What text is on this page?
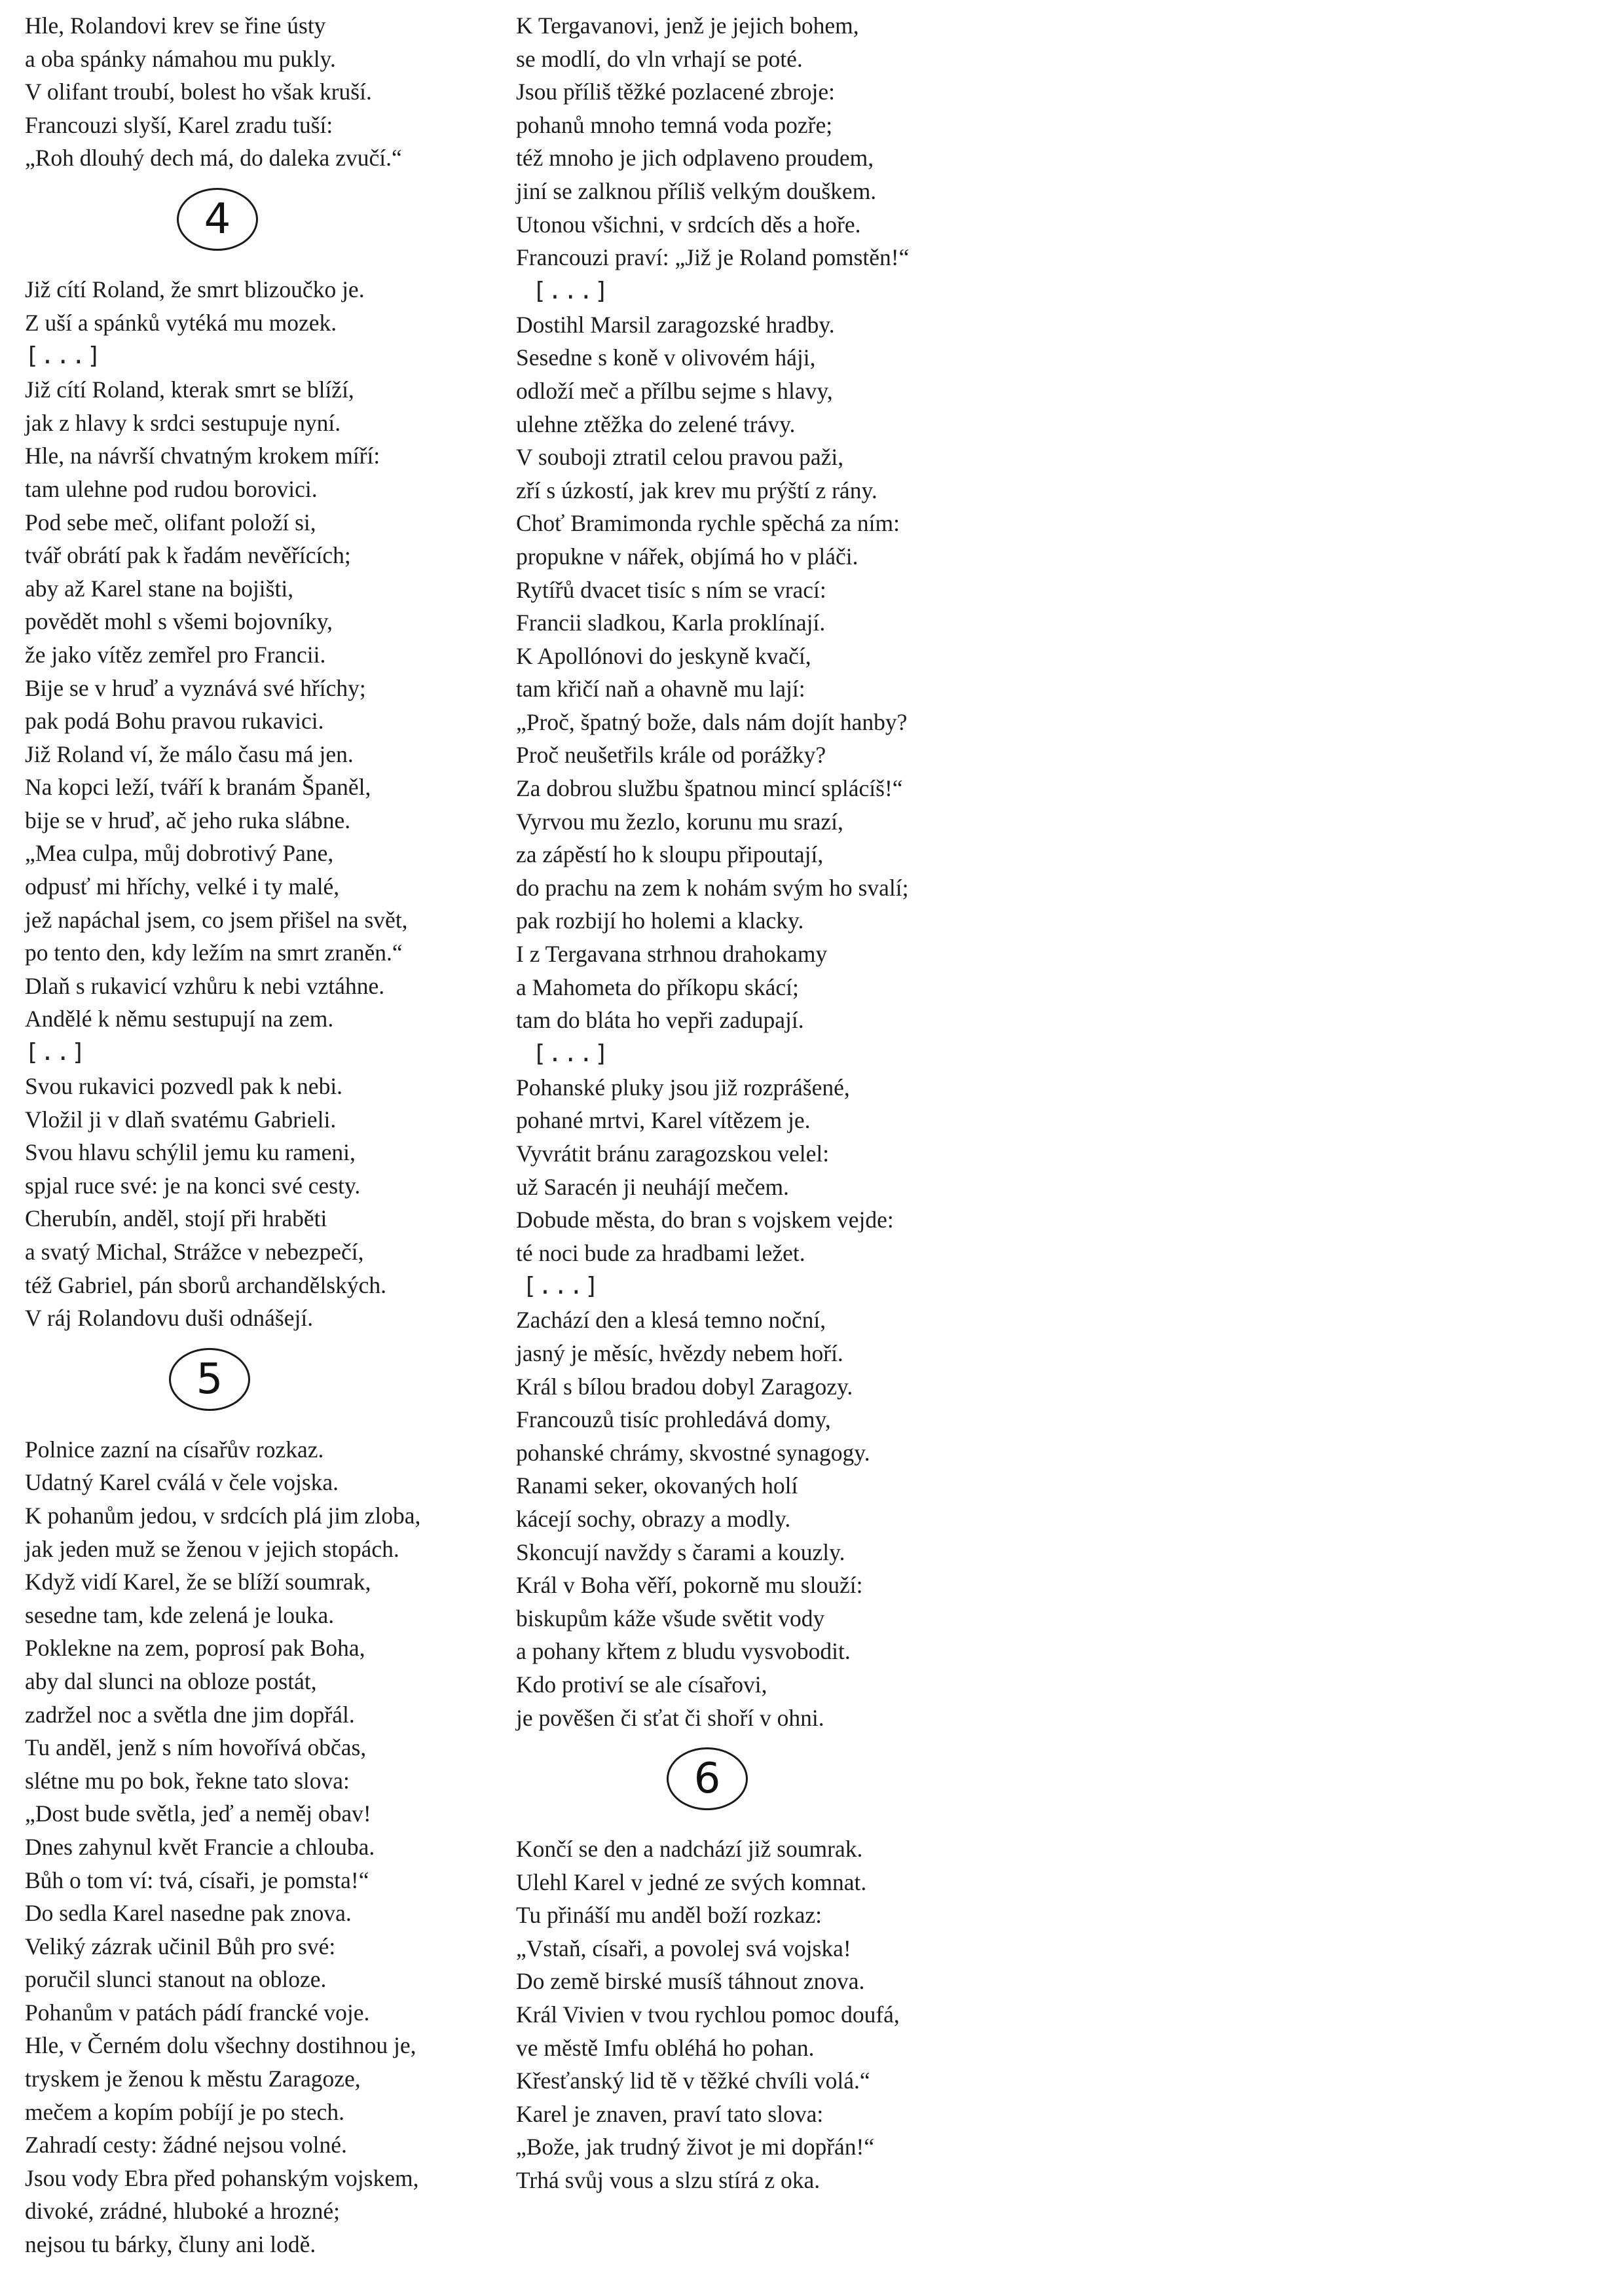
Hle, Rolandovi krev se řine ústy
a oba spánky námahou mu pukly.
V olifant troubí, bolest ho však kruší.
Francouzi slyší, Karel zradu tuší:
„Roh dlouhý dech má, do daleka zvučí.“
4
Již cítí Roland, že smrt blizoučko je.
Z uší a spánků vytéká mu mozek.
[...]
Již cítí Roland, kterak smrt se blíží,
jak z hlavy k srdci sestupuje nyní.
Hle, na návrší chvatným krokem míří:
tam ulehne pod rudou borovici.
Pod sebe meč, olifant položí si,
tvář obrátí pak k řadám nevěřících;
aby až Karel stane na bojišti,
povědět mohl s všemi bojovníky,
že jako vítěz zemřel pro Francii.
Bije se v hruď a vyznává své hříchy;
pak podá Bohu pravou rukavici.
Již Roland ví, že málo času má jen.
Na kopci leží, tváří k branám Španěl,
bije se v hruď, ač jeho ruka slábne.
„Mea culpa, můj dobrotivý Pane,
odpusť mi hříchy, velké i ty malé,
jež napáchal jsem, co jsem přišel na svět,
po tento den, kdy ležím na smrt zraněn.“
Dlaň s rukavicí vzhůru k nebi vztáhne.
Andělé k němu sestupují na zem.
[..]
Svou rukavici pozvedl pak k nebi.
Vložil ji v dlaň svatému Gabrieli.
Svou hlavu schýlil jemu ku rameni,
spjal ruce své: je na konci své cesty.
Cherubín, anděl, stojí při hraběti
a svatý Michal, Strážce v nebezpečí,
též Gabriel, pán sborů archandělských.
V ráj Rolandovu duši odnášejí.
5
Polnice zazní na císařův rozkaz.
Udatný Karel cválá v čele vojska.
K pohanům jedou, v srdcích plá jim zloba,
jak jeden muž se ženou v jejich stopách.
Když vidí Karel, že se blíží soumrak,
sesedne tam, kde zelená je louka.
Poklekne na zem, poprosí pak Boha,
aby dal slunci na obloze postát,
zadržel noc a světla dne jim dopřál.
Tu anděl, jenž s ním hovořívá občas,
slétne mu po bok, řekne tato slova:
„Dost bude světla, jeď a neměj obav!
Dnes zahynul květ Francie a chlouba.
Bůh o tom ví: tvá, císaři, je pomsta!“
Do sedla Karel nasedne pak znova.
Veliký zázrak učinil Bůh pro své:
poručil slunci stanout na obloze.
Pohanům v patách pádí francké voje.
Hle, v Černém dolu všechny dostihnou je,
tryskem je ženou k městu Zaragoze,
mečem a kopím pobíjí je po stech.
Zahradí cesty: žádné nejsou volné.
Jsou vody Ebra před pohanským vojskem,
divoké, zrádné, hluboké a hrozné;
nejsou tu bárky, čluny ani lodě.
K Tergavanovi, jenž je jejich bohem,
se modlí, do vln vrhají se poté.
Jsou příliš těžké pozlacené zbroje:
pohanů mnoho temná voda pozře;
též mnoho je jich odplaveno proudem,
jiní se zalknou příliš velkým douškem.
Utonou všichni, v srdcích děs a hoře.
Francouzi praví: „Již je Roland pomstěn!“
[...]
Dostihl Marsil zaragozské hradby.
Sesedne s koně v olivovém háji,
odloží meč a přílbu sejme s hlavy,
ulehne ztěžka do zelené trávy.
V souboji ztratil celou pravou paži,
zří s úzkostí, jak krev mu prýští z rány.
Choť Bramimonda rychle spěchá za ním:
propukne v nářek, objímá ho v pláči.
Rytířů dvacet tisíc s ním se vrací:
Francii sladkou, Karla proklínají.
K Apollónovi do jeskyně kvačí,
tam křičí naň a ohavně mu lají:
„Proč, špatný bože, dals nám dojít hanby?
Proč neušetřils krále od porážky?
Za dobrou službu špatnou mincí splácíš!“
Vyrvou mu žezlo, korunu mu srazí,
za zápěstí ho k sloupu připoutají,
do prachu na zem k nohám svým ho svalí;
pak rozbijí ho holemi a klacky.
I z Tergavana strhnou drahokamy
a Mahometa do příkopu skácí;
tam do bláta ho vepři zadupají.
[...]
Pohanské pluky jsou již rozprášené,
pohané mrtvi, Karel vítězem je.
Vyvrátit bránu zaragozskou velel:
už Saracén ji neuhájí mečem.
Dobude města, do bran s vojskem vejde:
té noci bude za hradbami ležet.
[...]
Zachází den a klesá temno noční,
jasný je měsíc, hvězdy nebem hoří.
Král s bílou bradou dobyl Zaragozy.
Francouzů tisíc prohledává domy,
pohanské chrámy, skvostné synagogy.
Ranami seker, okovaných holí
kácejí sochy, obrazy a modly.
Skoncují navždy s čarami a kouzly.
Král v Boha věří, pokorně mu slouží:
biskupům káže všude světit vody
a pohany křtem z bludu vysvobodit.
Kdo protiví se ale císařovi,
je pověšen či sťat či shoří v ohni.
6
Končí se den a nadchází již soumrak.
Ulehl Karel v jedné ze svých komnat.
Tu přináší mu anděl boží rozkaz:
„Vstaň, císaři, a povolej svá vojska!
Do země birské musíš táhnout znova.
Král Vivien v tvou rychlou pomoc doufá,
ve městě Imfu obléhá ho pohan.
Křesťanský lid tě v těžké chvíli volá.“
Karel je znaven, praví tato slova:
„Bože, jak trudný život je mi dopřán!“
Trhá svůj vous a slzu stírá z oka.
